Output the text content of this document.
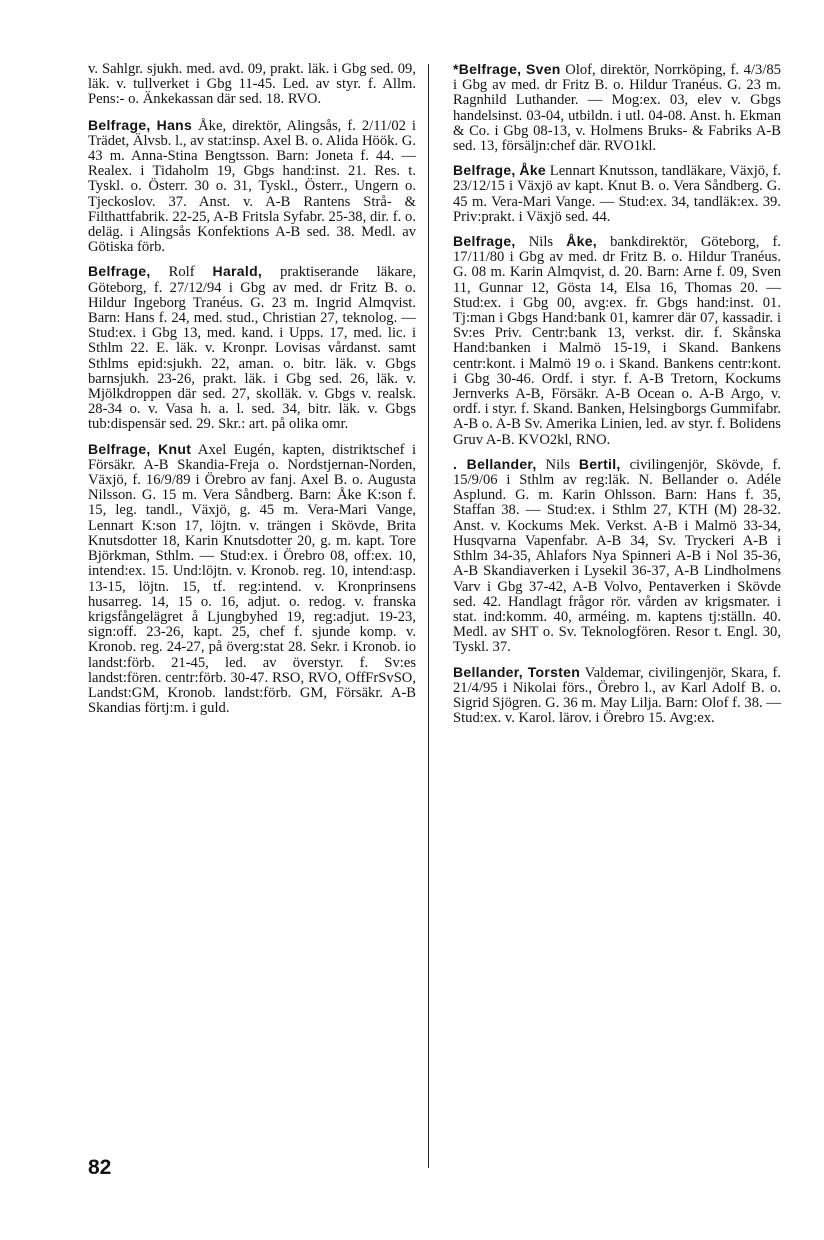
v. Sahlgr. sjukh. med. avd. 09, prakt. läk. i Gbg sed. 09, läk. v. tullverket i Gbg 11-45. Led. av styr. f. Allm. Pens:- o. Änkekassan där sed. 18. RVO.

Belfrage, Hans Åke, direktör, Alingsås, f. 2/11/02 i Trädet, Älvsb. l., av stat:insp. Axel B. o. Alida Höök. G. 43 m. Anna-Stina Bengtsson. Barn: Joneta f. 44. — Realex. i Tidaholm 19, Gbgs hand:inst. 21. Res. t. Tyskl. o. Österr. 30 o. 31, Tyskl., Österr., Ungern o. Tjeckoslov. 37. Anst. v. A-B Rantens Strå- & Filthattfabrik. 22-25, A-B Fritsla Syfabr. 25-38, dir. f. o. deläg. i Alingsås Konfektions A-B sed. 38. Medl. av Götiska förb.

Belfrage, Rolf Harald, praktiserande läkare, Göteborg, f. 27/12/94 i Gbg av med. dr Fritz B. o. Hildur Ingeborg Tranéus. G. 23 m. Ingrid Almqvist. Barn: Hans f. 24, med. stud., Christian 27, teknolog. — Stud:ex. i Gbg 13, med. kand. i Upps. 17, med. lic. i Sthlm 22. E. läk. v. Kronpr. Lovisas vårdanst. samt Sthlms epid:sjukh. 22, aman. o. bitr. läk. v. Gbgs barnsjukh. 23-26, prakt. läk. i Gbg sed. 26, läk. v. Mjölkdroppen där sed. 27, skolläk. v. Gbgs v. realsk. 28-34 o. v. Vasa h. a. l. sed. 34, bitr. läk. v. Gbgs tub:dispensär sed. 29. Skr.: art. på olika omr.

Belfrage, Knut Axel Eugén, kapten, distriktschef i Försäkr. A-B Skandia-Freja o. Nordstjernan-Norden, Växjö, f. 16/9/89 i Örebro av fanj. Axel B. o. Augusta Nilsson. G. 15 m. Vera Såndberg. Barn: Åke K:son f. 15, leg. tandl., Växjö, g. 45 m. Vera-Mari Vange, Lennart K:son 17, löjtn. v. trängen i Skövde, Brita Knutsdotter 18, Karin Knutsdotter 20, g. m. kapt. Tore Björkman, Sthlm. — Stud:ex. i Örebro 08, off:ex. 10, intend:ex. 15. Und:löjtn. v. Kronob. reg. 10, intend:asp. 13-15, löjtn. 15, tf. reg:intend. v. Kronprinsens husarreg. 14, 15 o. 16, adjut. o. redog. v. franska krigsfångelägret å Ljungbyhed 19, reg:adjut. 19-23, sign:off. 23-26, kapt. 25, chef f. sjunde komp. v. Kronob. reg. 24-27, på överg:stat 28. Sekr. i Kronob. io landst:förb. 21-45, led. av överstyr. f. Sv:es landst:fören. centr:förb. 30-47. RSO, RVO, OffFrSvSO, Landst:GM, Kronob. landst:förb. GM, Försäkr. A-B Skandias förtj:m. i guld.

*Belfrage, Sven Olof, direktör, Norrköping, f. 4/3/85 i Gbg av med. dr Fritz B. o. Hildur Tranéus. G. 23 m. Ragnhild Luthander. — Mog:ex. 03, elev v. Gbgs handelsinst. 03-04, utbildn. i utl. 04-08. Anst. h. Ekman & Co. i Gbg 08-13, v. Holmens Bruks- & Fabriks A-B sed. 13, försäljn:chef där. RVO1kl.

Belfrage, Åke Lennart Knutsson, tandläkare, Växjö, f. 23/12/15 i Växjö av kapt. Knut B. o. Vera Såndberg. G. 45 m. Vera-Mari Vange. — Stud:ex. 34, tandläk:ex. 39. Priv:prakt. i Växjö sed. 44.

Belfrage, Nils Åke, bankdirektör, Göteborg, f. 17/11/80 i Gbg av med. dr Fritz B. o. Hildur Tranéus. G. 08 m. Karin Almqvist, d. 20. Barn: Arne f. 09, Sven 11, Gunnar 12, Gösta 14, Elsa 16, Thomas 20. — Stud:ex. i Gbg 00, avg:ex. fr. Gbgs hand:inst. 01. Tj:man i Gbgs Hand:bank 01, kamrer där 07, kassadir. i Sv:es Priv. Centr:bank 13, verkst. dir. f. Skånska Hand:banken i Malmö 15-19, i Skand. Bankens centr:kont. i Malmö 19 o. i Skand. Bankens centr:kont. i Gbg 30-46. Ordf. i styr. f. A-B Tretorn, Kockums Jernverks A-B, Försäkr. A-B Ocean o. A-B Argo, v. ordf. i styr. f. Skand. Banken, Helsingborgs Gummifabr. A-B o. A-B Sv. Amerika Linien, led. av styr. f. Bolidens Gruv A-B. KVO2kl, RNO.

. Bellander, Nils Bertil, civilingenjör, Skövde, f. 15/9/06 i Sthlm av reg:läk. N. Bellander o. Adéle Asplund. G. m. Karin Ohlsson. Barn: Hans f. 35, Staffan 38. — Stud:ex. i Sthlm 27, KTH (M) 28-32. Anst. v. Kockums Mek. Verkst. A-B i Malmö 33-34, Husqvarna Vapenfabr. A-B 34, Sv. Tryckeri A-B i Sthlm 34-35, Ahlafors Nya Spinneri A-B i Nol 35-36, A-B Skandiaverken i Lysekil 36-37, A-B Lindholmens Varv i Gbg 37-42, A-B Volvo, Pentaverken i Skövde sed. 42. Handlagt frågor rör. vården av krigsmater. i stat. ind:komm. 40, arméing. m. kaptens tj:ställn. 40. Medl. av SHT o. Sv. Teknologfören. Resor t. Engl. 30, Tyskl. 37.

Bellander, Torsten Valdemar, civilingenjör, Skara, f. 21/4/95 i Nikolai förs., Örebro l., av Karl Adolf B. o. Sigrid Sjögren. G. 36 m. May Lilja. Barn: Olof f. 38. — Stud:ex. v. Karol. lärov. i Örebro 15. Avg:ex.

82
